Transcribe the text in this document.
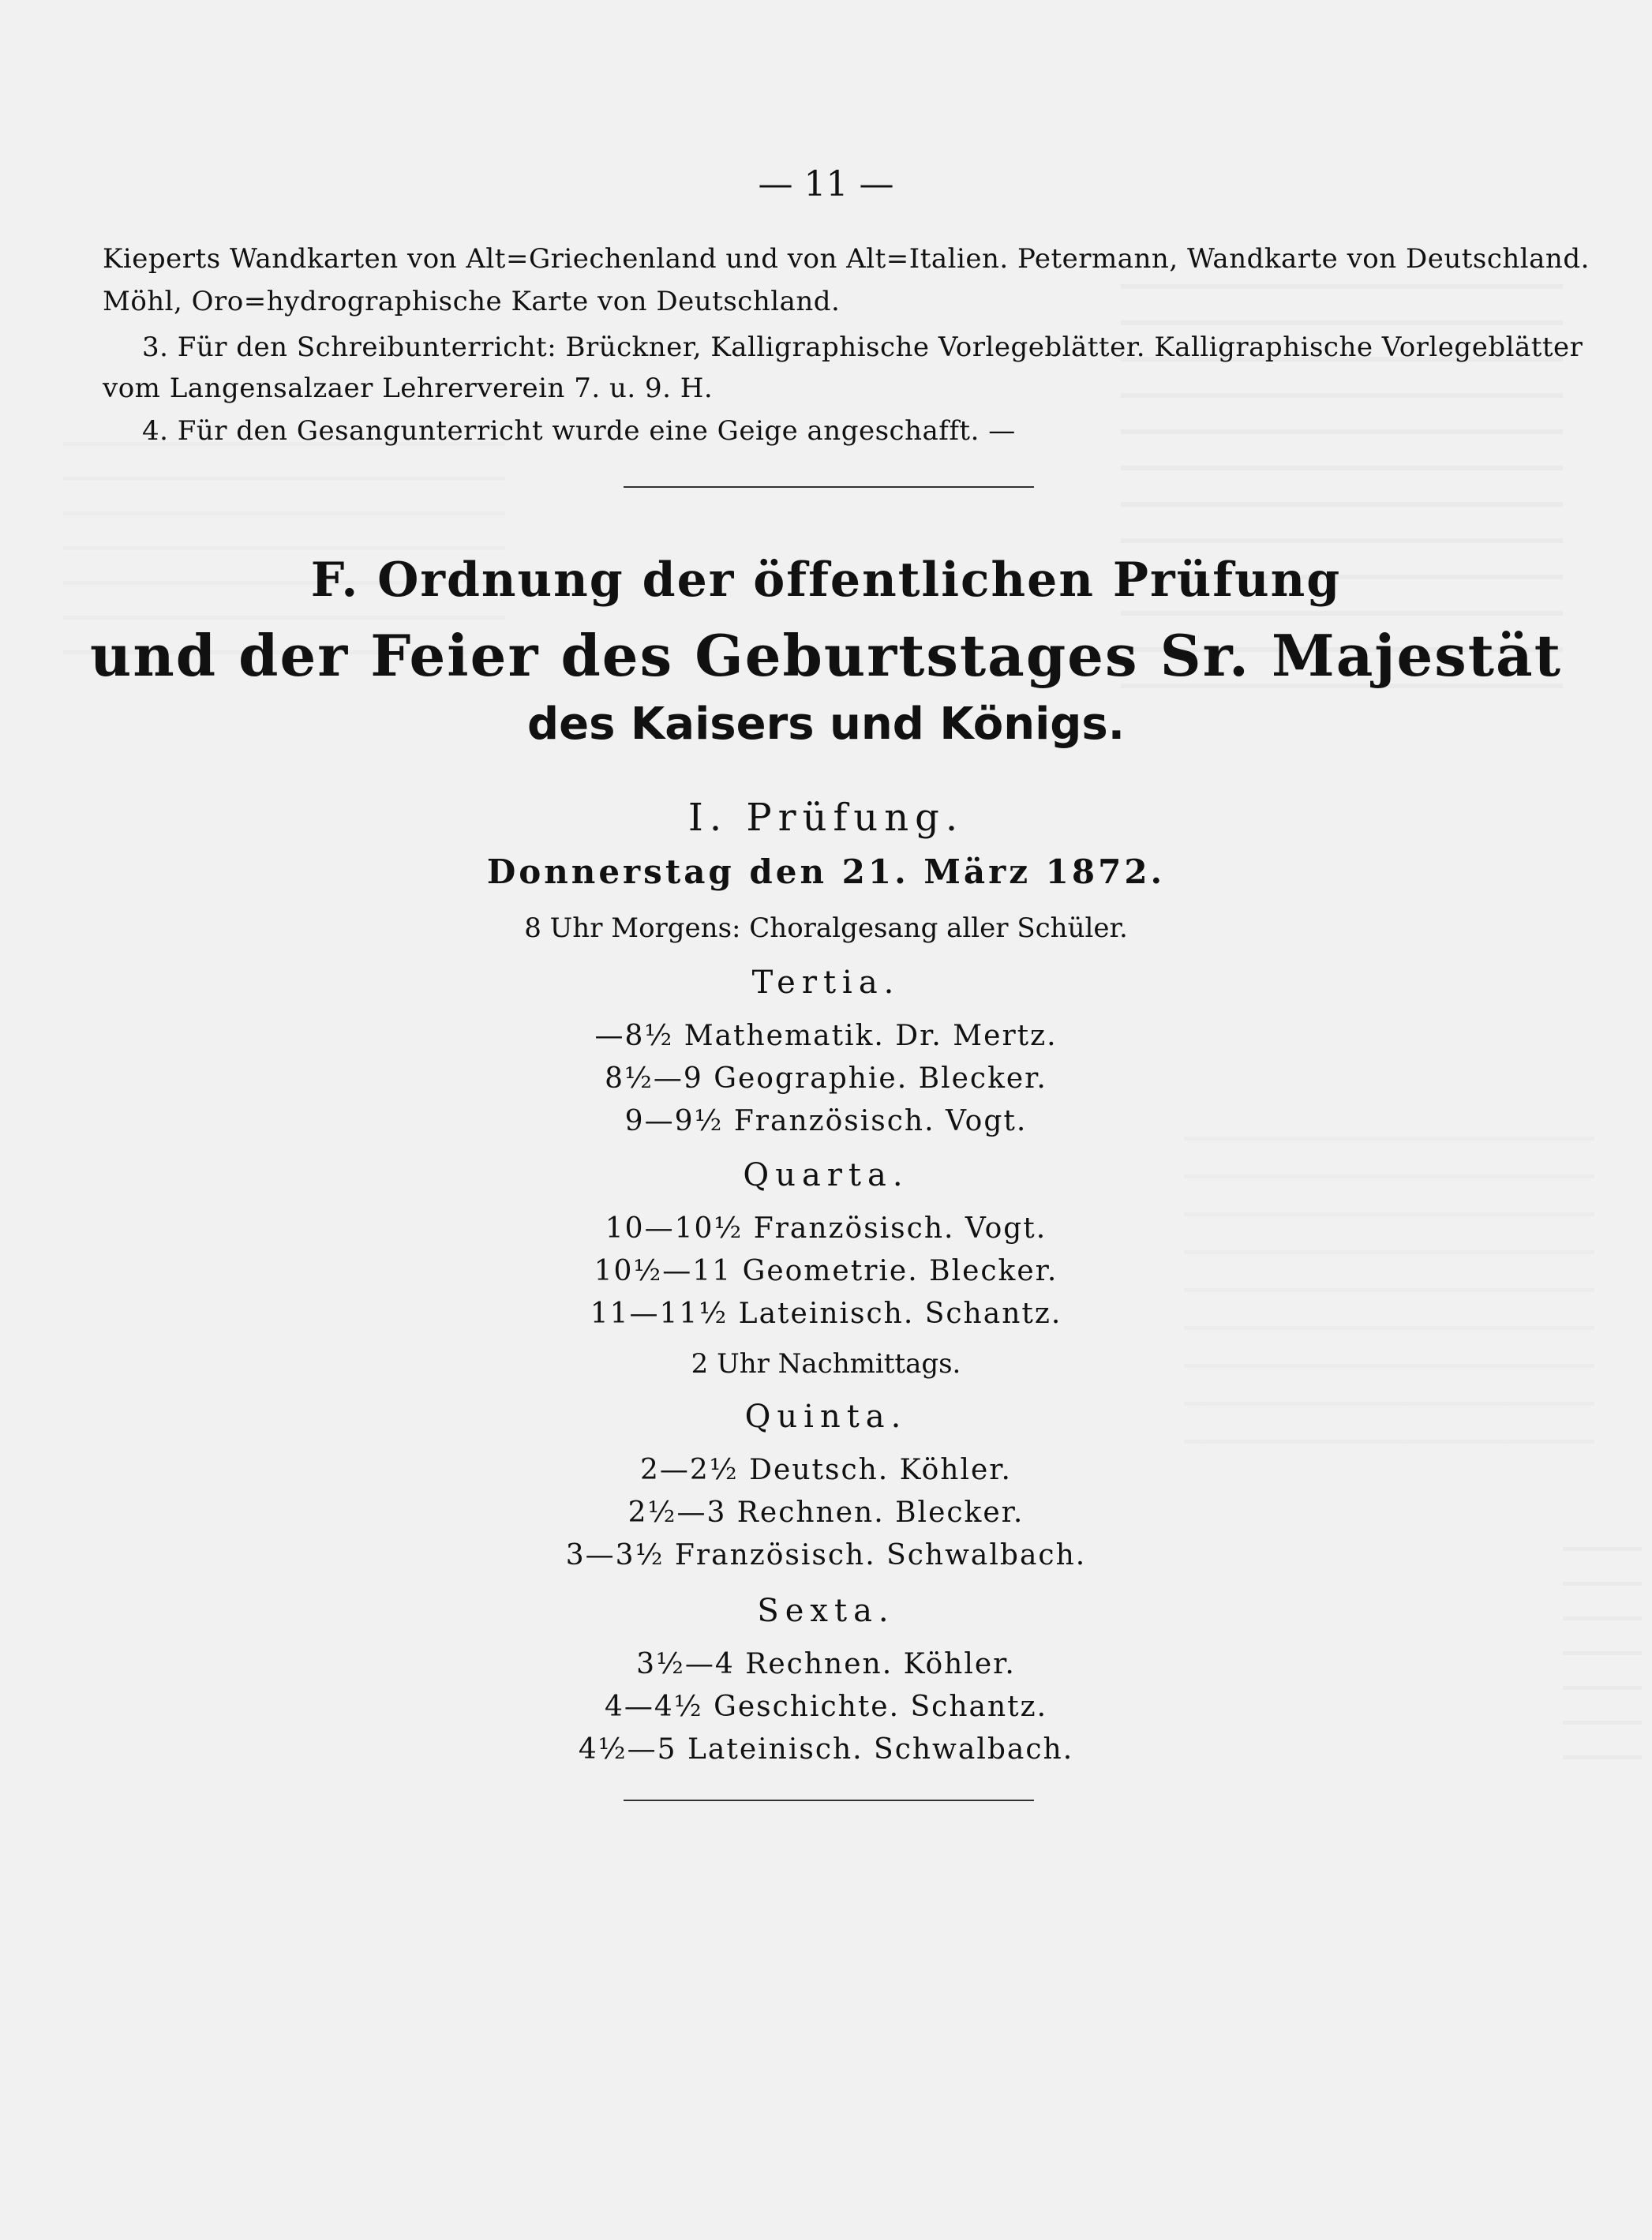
— 11 —
Kieperts Wandkarten von Alt=Griechenland und von Alt=Italien. Petermann, Wandkarte von Deutschland.
Möhl, Oro=hydrographische Karte von Deutschland.
3. Für den Schreibunterricht: Brückner, Kalligraphische Vorlegeblätter. Kalligraphische Vorlegeblätter
vom Langensalzaer Lehrerverein 7. u. 9. H.
4. Für den Gesangunterricht wurde eine Geige angeschafft. —
F. Ordnung der öffentlichen Prüfung
und der Feier des Geburtstages Sr. Majestät
des Kaisers und Königs.
I. Prüfung.
Donnerstag den 21. März 1872.
8 Uhr Morgens: Choralgesang aller Schüler.
Tertia.
—8½ Mathematik. Dr. Mertz.
8½—9 Geographie. Blecker.
9—9½ Französisch. Vogt.
Quarta.
10—10½ Französisch. Vogt.
10½—11 Geometrie. Blecker.
11—11½ Lateinisch. Schantz.
2 Uhr Nachmittags.
Quinta.
2—2½ Deutsch. Köhler.
2½—3 Rechnen. Blecker.
3—3½ Französisch. Schwalbach.
Sexta.
3½—4 Rechnen. Köhler.
4—4½ Geschichte. Schantz.
4½—5 Lateinisch. Schwalbach.
